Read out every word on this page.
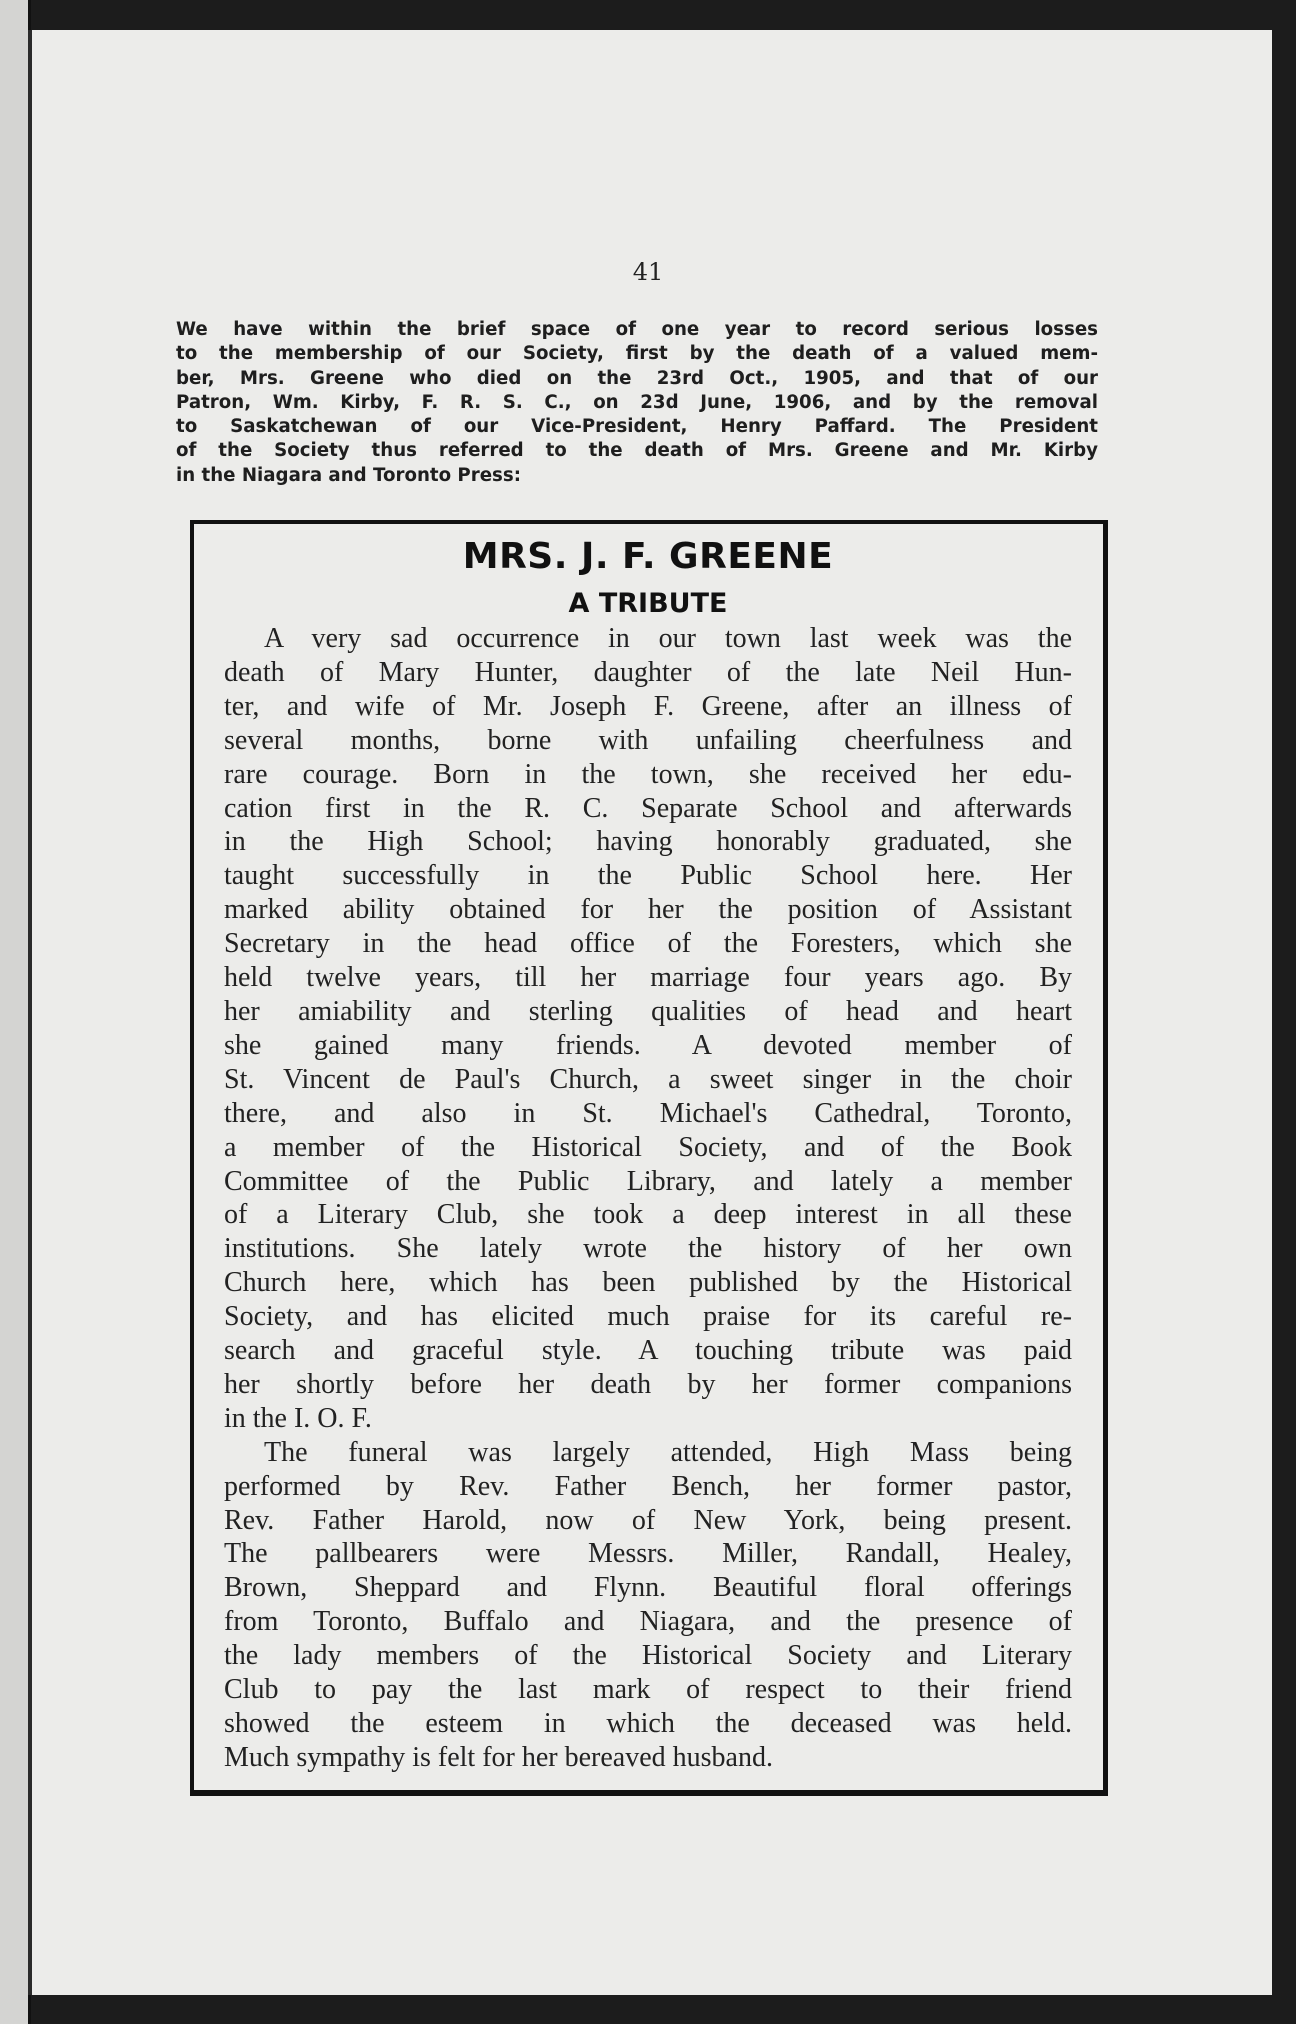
41
We have within the brief space of one year to record serious losses
to the membership of our Society, first by the death of a valued mem-
ber, Mrs. Greene who died on the 23rd Oct., 1905, and that of our
Patron, Wm. Kirby, F. R. S. C., on 23d June, 1906, and by the removal
to Saskatchewan of our Vice-President, Henry Paffard. The President
of the Society thus referred to the death of Mrs. Greene and Mr. Kirby
in the Niagara and Toronto Press:
MRS. J. F. GREENE
A TRIBUTE
A very sad occurrence in our town last week was the
death of Mary Hunter, daughter of the late Neil Hun-
ter, and wife of Mr. Joseph F. Greene, after an illness of
several months, borne with unfailing cheerfulness and
rare courage. Born in the town, she received her edu-
cation first in the R. C. Separate School and afterwards
in the High School; having honorably graduated, she
taught successfully in the Public School here. Her
marked ability obtained for her the position of Assistant
Secretary in the head office of the Foresters, which she
held twelve years, till her marriage four years ago. By
her amiability and sterling qualities of head and heart
she gained many friends. A devoted member of
St. Vincent de Paul's Church, a sweet singer in the choir
there, and also in St. Michael's Cathedral, Toronto,
a member of the Historical Society, and of the Book
Committee of the Public Library, and lately a member
of a Literary Club, she took a deep interest in all these
institutions. She lately wrote the history of her own
Church here, which has been published by the Historical
Society, and has elicited much praise for its careful re-
search and graceful style. A touching tribute was paid
her shortly before her death by her former companions
in the I. O. F.
The funeral was largely attended, High Mass being
performed by Rev. Father Bench, her former pastor,
Rev. Father Harold, now of New York, being present.
The pallbearers were Messrs. Miller, Randall, Healey,
Brown, Sheppard and Flynn. Beautiful floral offerings
from Toronto, Buffalo and Niagara, and the presence of
the lady members of the Historical Society and Literary
Club to pay the last mark of respect to their friend
showed the esteem in which the deceased was held.
Much sympathy is felt for her bereaved husband.
